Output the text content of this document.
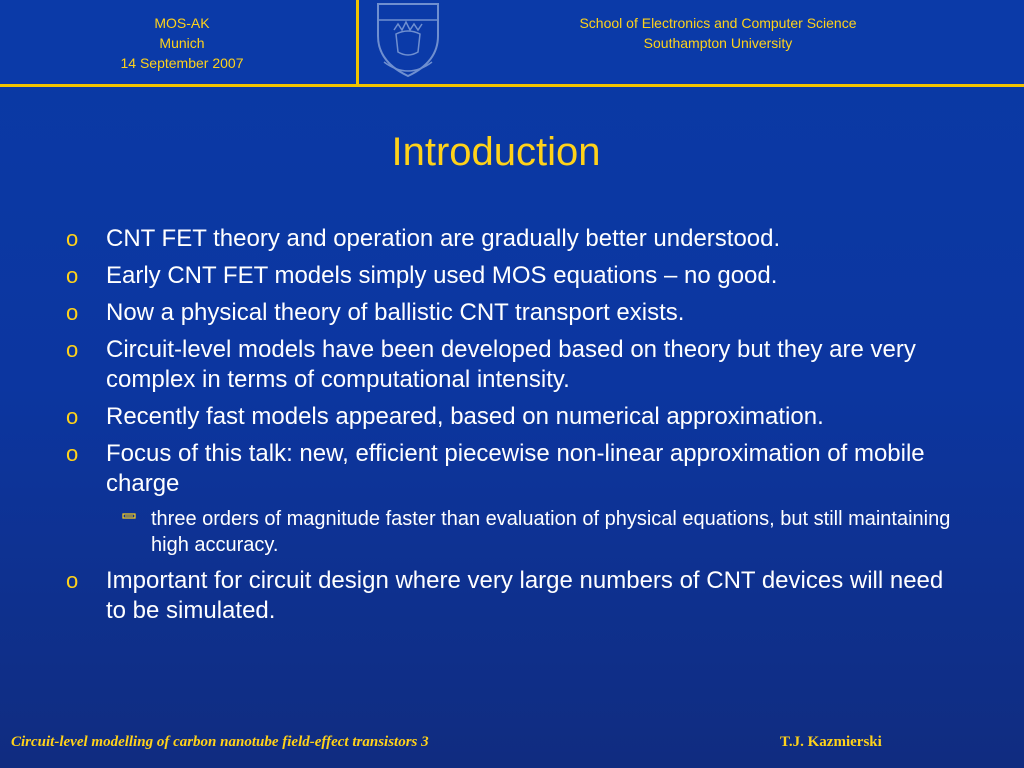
MOS-AK
Munich
14 September 2007
School of Electronics and Computer Science
Southampton University
Introduction
o CNT FET theory and operation are gradually better understood.
o Early CNT FET models simply used MOS equations – no good.
o Now a physical theory of ballistic CNT transport exists.
o Circuit-level models have been developed based on theory but they are very complex in terms of computational intensity.
o Recently fast models appeared, based on numerical approximation.
o Focus of this talk: new, efficient piecewise non-linear approximation of mobile charge
three orders of magnitude faster than evaluation of physical equations, but still maintaining high accuracy.
o Important for circuit design where very large numbers of CNT devices will need to be simulated.
Circuit-level modelling of carbon nanotube field-effect transistors 3	T.J. Kazmierski
